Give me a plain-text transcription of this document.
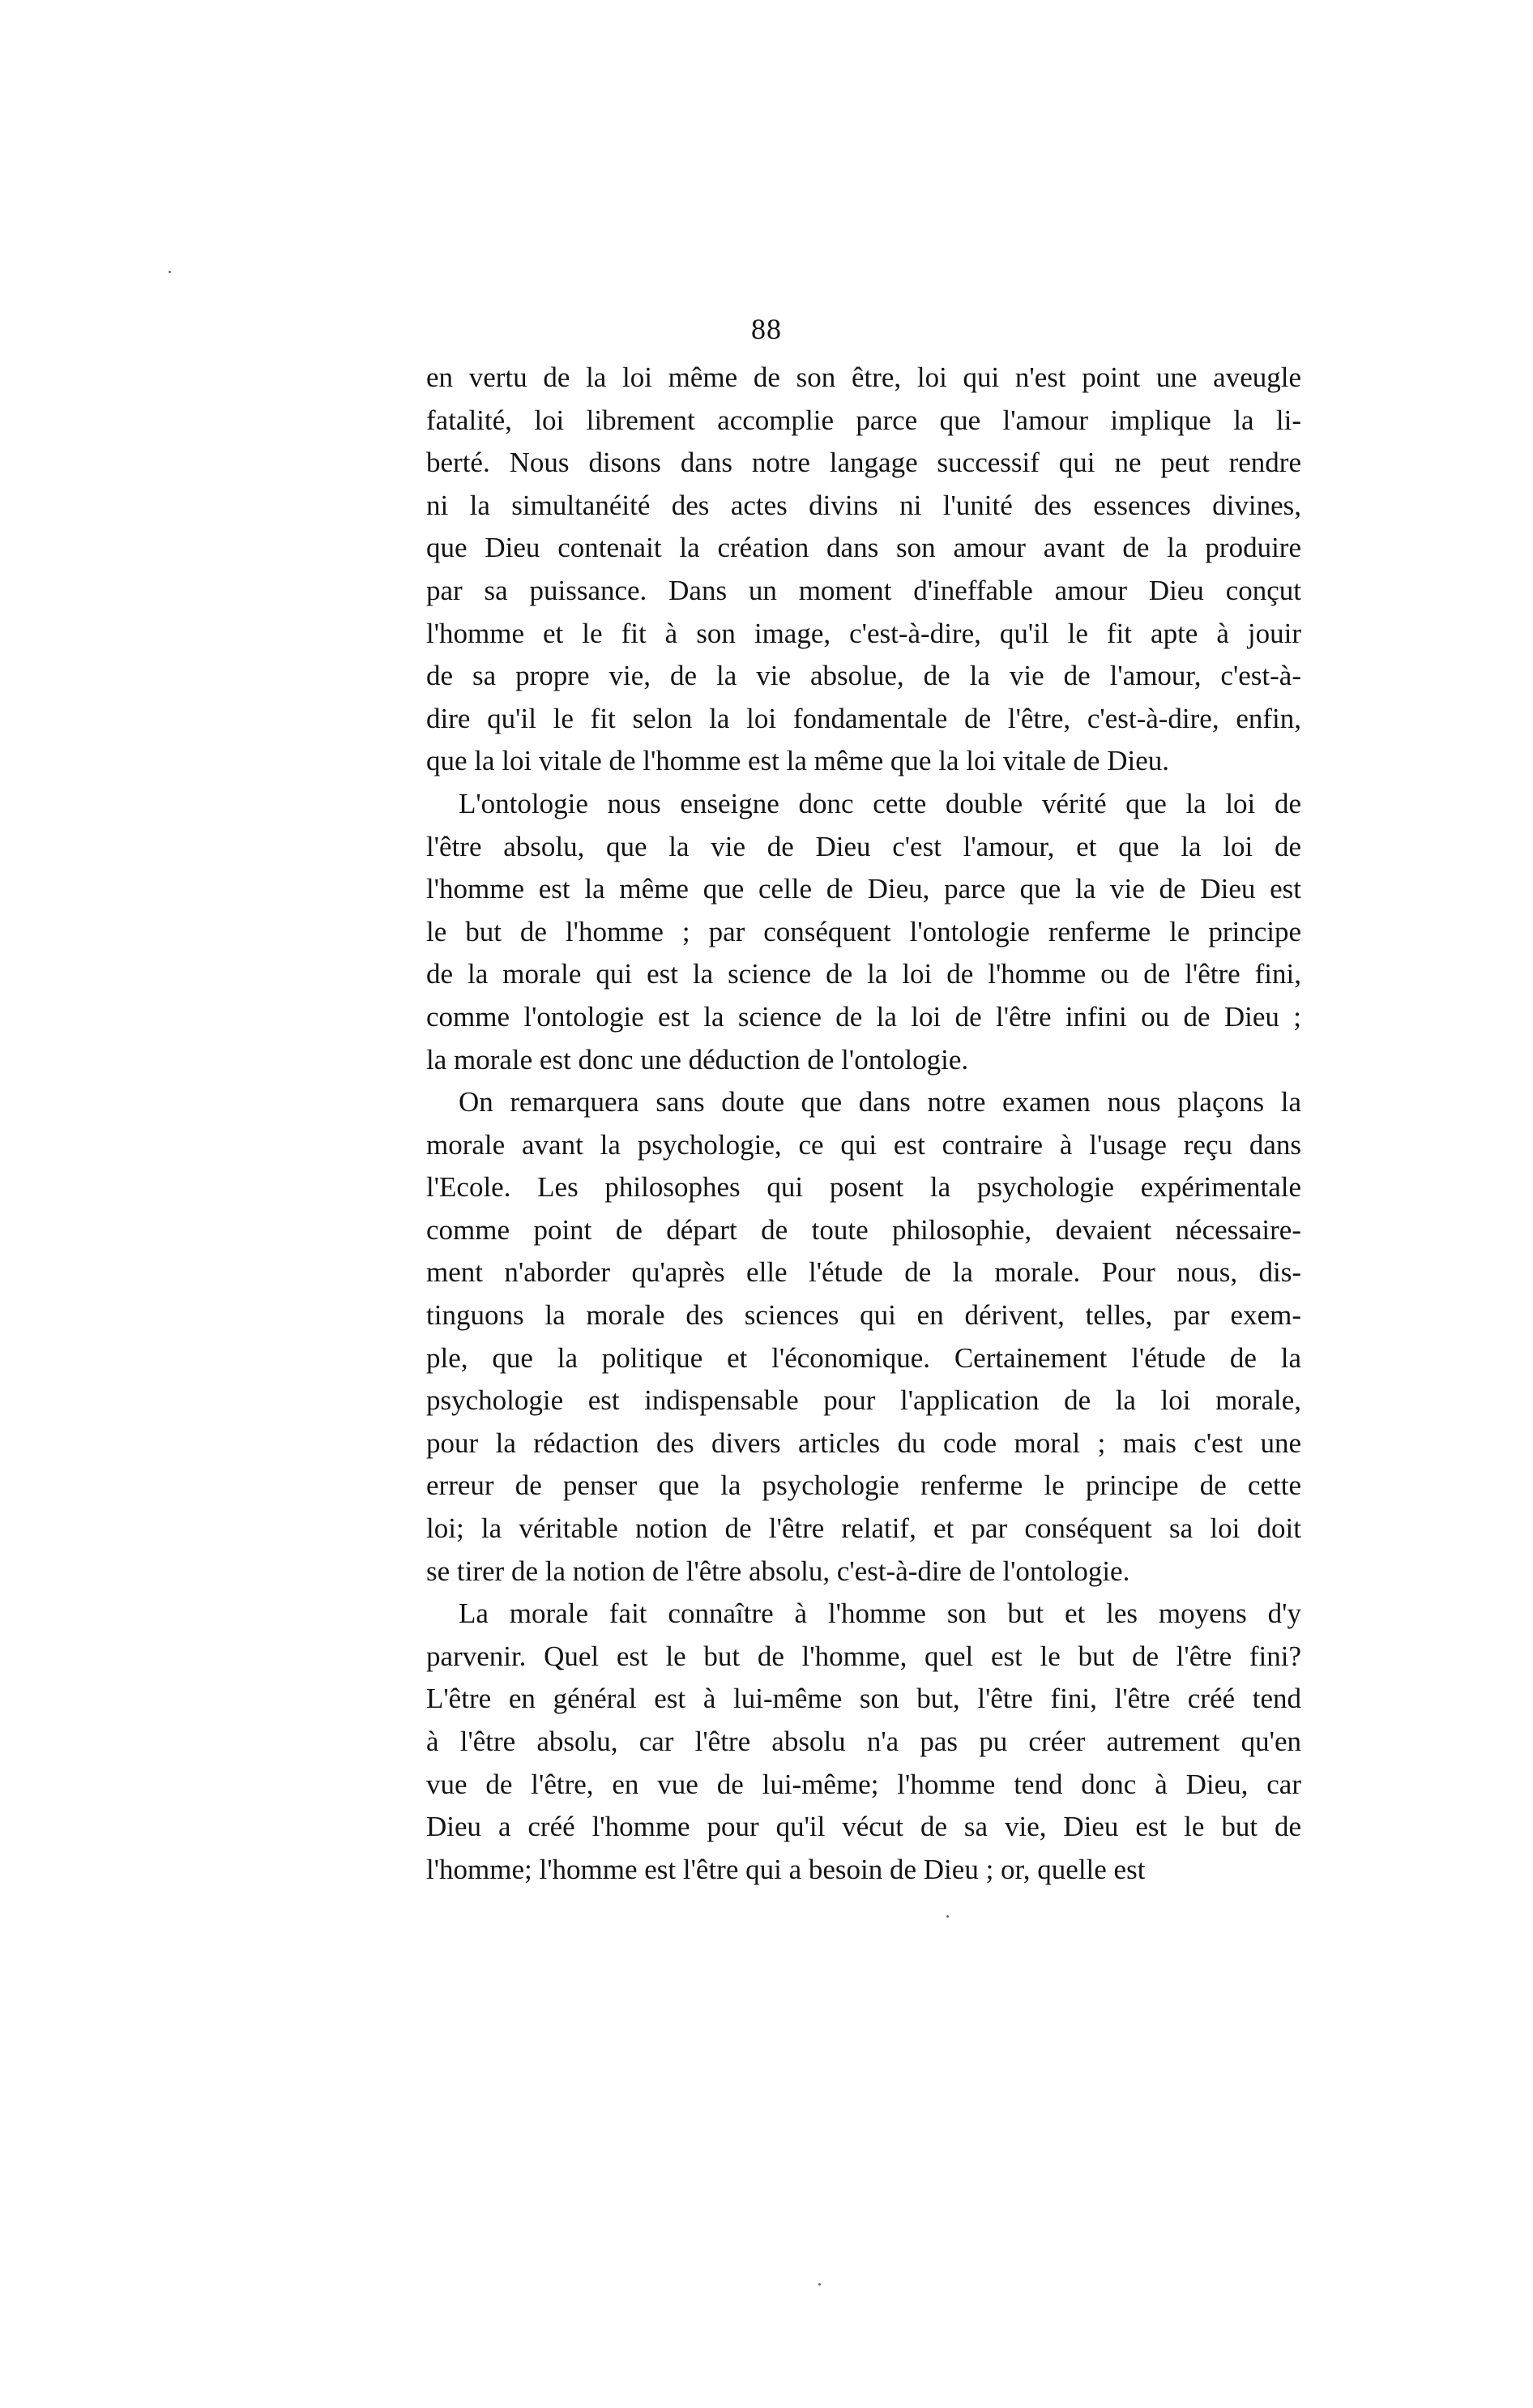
88
en vertu de la loi même de son être, loi qui n'est point une aveugle
fatalité, loi librement accomplie parce que l'amour implique la li-
berté. Nous disons dans notre langage successif qui ne peut rendre
ni la simultanéité des actes divins ni l'unité des essences divines,
que Dieu contenait la création dans son amour avant de la produire
par sa puissance. Dans un moment d'ineffable amour Dieu conçut
l'homme et le fit à son image, c'est-à-dire, qu'il le fit apte à jouir
de sa propre vie, de la vie absolue, de la vie de l'amour, c'est-à-
dire qu'il le fit selon la loi fondamentale de l'être, c'est-à-dire, enfin,
que la loi vitale de l'homme est la même que la loi vitale de Dieu.
L'ontologie nous enseigne donc cette double vérité que la loi de
l'être absolu, que la vie de Dieu c'est l'amour, et que la loi de
l'homme est la même que celle de Dieu, parce que la vie de Dieu est
le but de l'homme ; par conséquent l'ontologie renferme le principe
de la morale qui est la science de la loi de l'homme ou de l'être fini,
comme l'ontologie est la science de la loi de l'être infini ou de Dieu ;
la morale est donc une déduction de l'ontologie.
On remarquera sans doute que dans notre examen nous plaçons la
morale avant la psychologie, ce qui est contraire à l'usage reçu dans
l'Ecole. Les philosophes qui posent la psychologie expérimentale
comme point de départ de toute philosophie, devaient nécessaire-
ment n'aborder qu'après elle l'étude de la morale. Pour nous, dis-
tinguons la morale des sciences qui en dérivent, telles, par exem-
ple, que la politique et l'économique. Certainement l'étude de la
psychologie est indispensable pour l'application de la loi morale,
pour la rédaction des divers articles du code moral ; mais c'est une
erreur de penser que la psychologie renferme le principe de cette
loi; la véritable notion de l'être relatif, et par conséquent sa loi doit
se tirer de la notion de l'être absolu, c'est-à-dire de l'ontologie.
La morale fait connaître à l'homme son but et les moyens d'y
parvenir. Quel est le but de l'homme, quel est le but de l'être fini?
L'être en général est à lui-même son but, l'être fini, l'être créé tend
à l'être absolu, car l'être absolu n'a pas pu créer autrement qu'en
vue de l'être, en vue de lui-même; l'homme tend donc à Dieu, car
Dieu a créé l'homme pour qu'il vécut de sa vie, Dieu est le but de
l'homme; l'homme est l'être qui a besoin de Dieu ; or, quelle est
